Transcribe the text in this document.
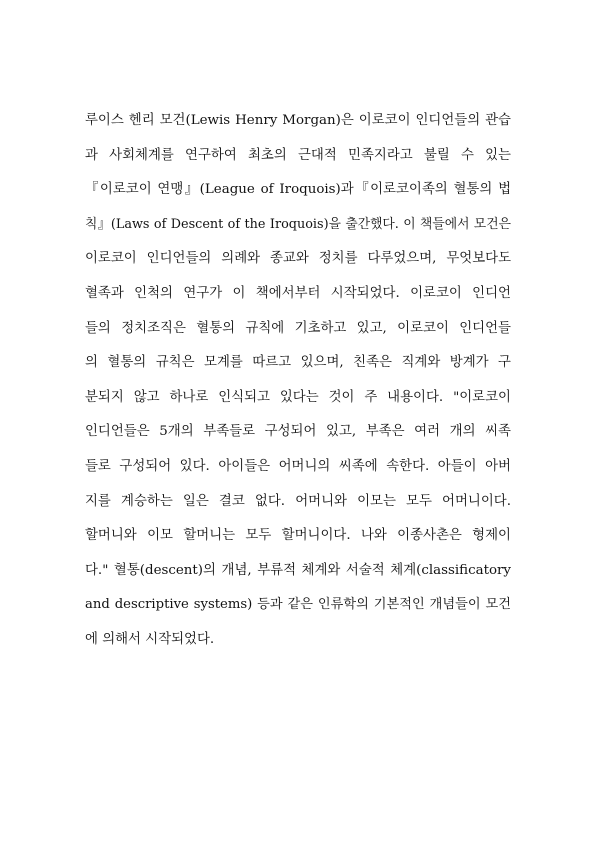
루이스 헨리 모건(Lewis Henry Morgan)은 이로코이 인디언들의 관습
과 사회체계를 연구하여 최초의 근대적 민족지라고 불릴 수 있는
『이로코이 연맹』(League of Iroquois)과『이로코이족의 혈통의 법
칙』(Laws of Descent of the Iroquois)을 출간했다. 이 책들에서 모건은
이로코이 인디언들의 의례와 종교와 정치를 다루었으며, 무엇보다도
혈족과 인척의 연구가 이 책에서부터 시작되었다. 이로코이 인디언
들의 정치조직은 혈통의 규칙에 기초하고 있고, 이로코이 인디언들
의 혈통의 규칙은 모계를 따르고 있으며, 친족은 직계와 방계가 구
분되지 않고 하나로 인식되고 있다는 것이 주 내용이다. "이로코이
인디언들은 5개의 부족들로 구성되어 있고, 부족은 여러 개의 씨족
들로 구성되어 있다. 아이들은 어머니의 씨족에 속한다. 아들이 아버
지를 계승하는 일은 결코 없다. 어머니와 이모는 모두 어머니이다.
할머니와 이모 할머니는 모두 할머니이다. 나와 이종사촌은 형제이
다." 혈통(descent)의 개념, 부류적 체계와 서술적 체계(classificatory
and descriptive systems) 등과 같은 인류학의 기본적인 개념들이 모건
에 의해서 시작되었다.
